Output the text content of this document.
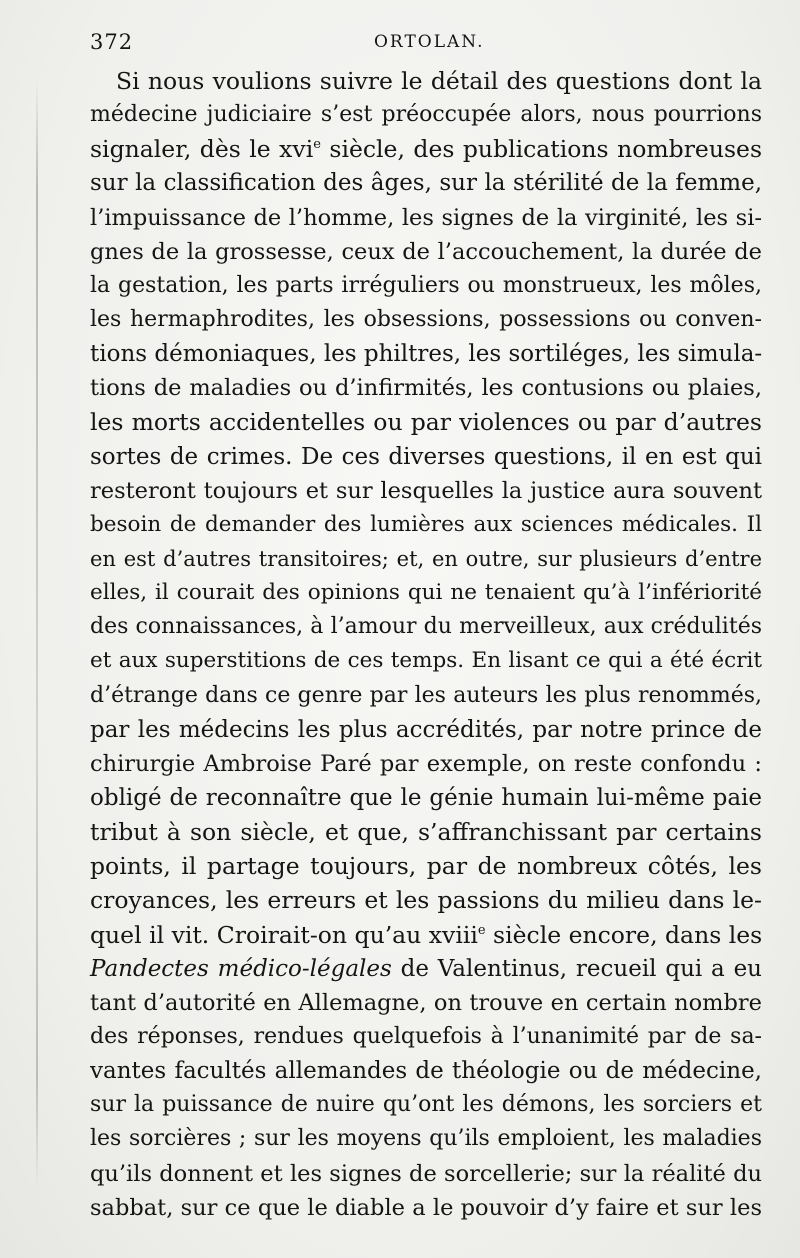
372	ORTOLAN.
Si nous voulions suivre le détail des questions dont la
médecine judiciaire s’est préoccupée alors, nous pourrions
signaler, dès le xvi$^e$ siècle, des publications nombreuses
sur la classification des âges, sur la stérilité de la femme,
l’impuissance de l’homme, les signes de la virginité, les si-
gnes de la grossesse, ceux de l’accouchement, la durée de
la gestation, les parts irréguliers ou monstrueux, les môles,
les hermaphrodites, les obsessions, possessions ou conven-
tions démoniaques, les philtres, les sortiléges, les simula-
tions de maladies ou d’infirmités, les contusions ou plaies,
les morts accidentelles ou par violences ou par d’autres
sortes de crimes. De ces diverses questions, il en est qui
resteront toujours et sur lesquelles la justice aura souvent
besoin de demander des lumières aux sciences médicales. Il
en est d’autres transitoires; et, en outre, sur plusieurs d’entre
elles, il courait des opinions qui ne tenaient qu’à l’infériorité
des connaissances, à l’amour du merveilleux, aux crédulités
et aux superstitions de ces temps. En lisant ce qui a été écrit
d’étrange dans ce genre par les auteurs les plus renommés,
par les médecins les plus accrédités, par notre prince de
chirurgie Ambroise Paré par exemple, on reste confondu :
obligé de reconnaître que le génie humain lui-même paie
tribut à son siècle, et que, s’affranchissant par certains
points, il partage toujours, par de nombreux côtés, les
croyances, les erreurs et les passions du milieu dans le-
quel il vit. Croirait-on qu’au xviii$^e$ siècle encore, dans les
Pandectes médico-légales de Valentinus, recueil qui a eu
tant d’autorité en Allemagne, on trouve en certain nombre
des réponses, rendues quelquefois à l’unanimité par de sa-
vantes facultés allemandes de théologie ou de médecine,
sur la puissance de nuire qu’ont les démons, les sorciers et
les sorcières ; sur les moyens qu’ils emploient, les maladies
qu’ils donnent et les signes de sorcellerie; sur la réalité du
sabbat, sur ce que le diable a le pouvoir d’y faire et sur les
